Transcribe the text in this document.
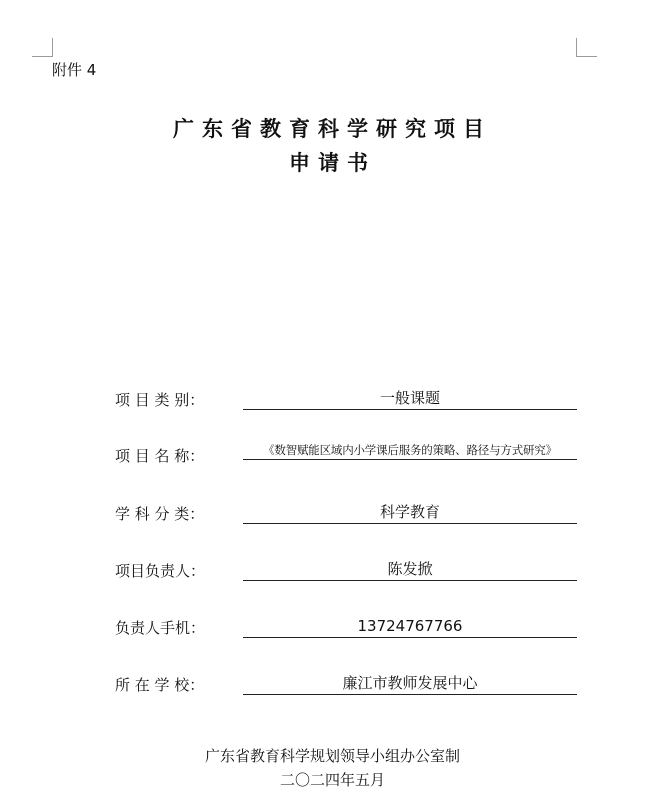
附件 4
广东省教育科学研究项目
申请书
项 目 类 别：	一般课题
项 目 名 称：	《数智赋能区域内小学课后服务的策略、路径与方式研究》
学 科 分 类：	科学教育
项目负责人：	陈发掀
负责人手机：	13724767766
所 在 学 校：	廉江市教师发展中心
广东省教育科学规划领导小组办公室制
二〇二四年五月
